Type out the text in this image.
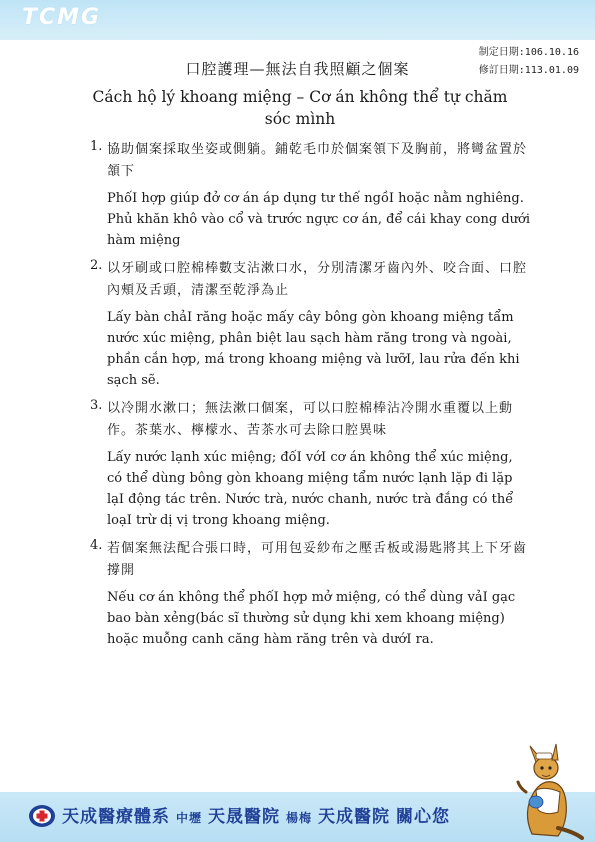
TCMG
制定日期:106.10.16
修訂日期:113.01.09
口腔護理—無法自我照顧之個案
Cách hộ lý khoang miệng – Cơ án không thể tự chăm sóc mình
1. 協助個案採取坐姿或側躺。鋪乾毛巾於個案領下及胸前，將彎盆置於頷下
PhốI hợp giúp đở cơ án áp dụng tư thế ngồI hoặc nằm nghiêng. Phủ khăn khô vào cổ và trước ngực cơ án, để cái khay cong dưới hàm miệng
2. 以牙刷或口腔棉棒數支沾漱口水，分別清潔牙齒內外、咬合面、口腔內頰及舌頭，清潔至乾淨為止
Lấy bàn chảI răng hoặc mấy cây bông gòn khoang miệng tẩm nước xúc miệng, phân biệt lau sạch hàm răng trong và ngoài, phần cắn hợp, má trong khoang miệng và lưỡI, lau rửa đến khi sạch sẽ.
3. 以冷開水漱口；無法漱口個案，可以口腔棉棒沾冷開水重覆以上動作。茶葉水、檸檬水、苦茶水可去除口腔異味
Lấy nước lạnh xúc miệng; đốI vớI cơ án không thể xúc miệng, có thể dùng bông gòn khoang miệng tẩm nước lạnh lặp đi lặp lạI động tác trên. Nước trà, nước chanh, nước trà đắng có thể loạI trừ dị vị trong khoang miệng.
4. 若個案無法配合張口時，可用包妥紗布之壓舌板或湯匙將其上下牙齒撐開
Nếu cơ án không thể phốI hợp mở miệng, có thể dùng vảI gạc bao bàn xẻng(bác sĩ thường sử dụng khi xem khoang miệng) hoặc muỗng canh căng hàm răng trên và dướI ra.
天成醫療體系 中壢 天晟醫院 楊梅 天成醫院 關心您
